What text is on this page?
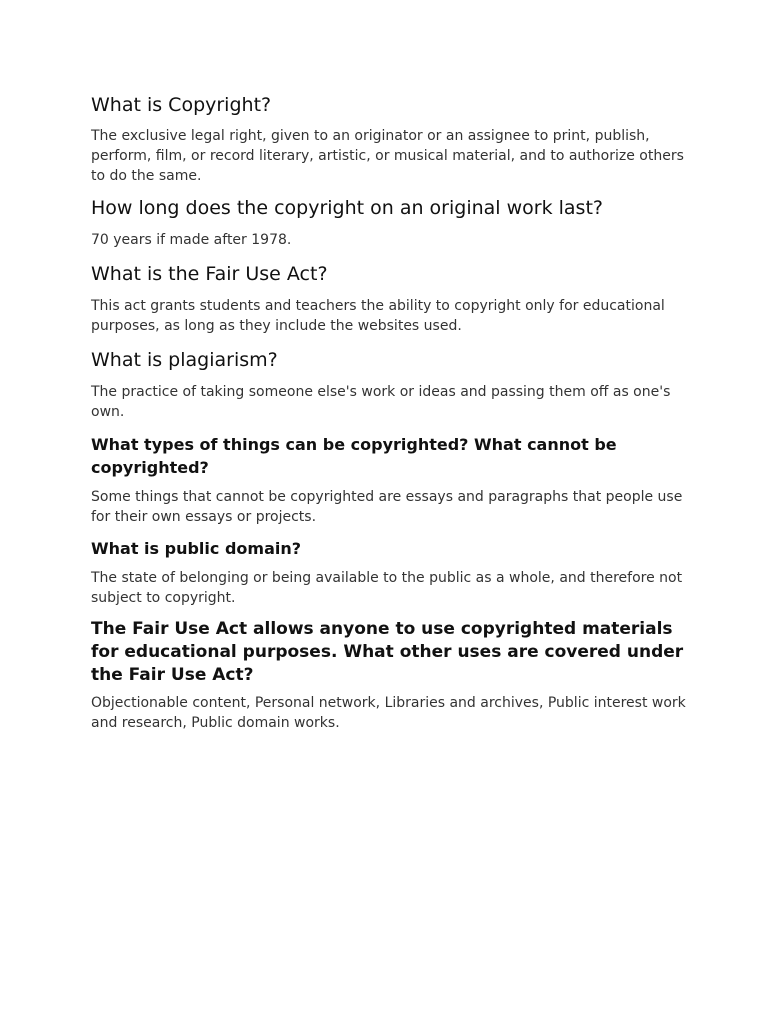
What is Copyright?

The exclusive legal right, given to an originator or an assignee to print, publish, perform, film, or record literary, artistic, or musical material, and to authorize others to do the same.

How long does the copyright on an original work last?

70 years if made after 1978.

What is the Fair Use Act?

This act grants students and teachers the ability to copyright only for educational purposes, as long as they include the websites used.

What is plagiarism?

The practice of taking someone else's work or ideas and passing them off as one's own.

What types of things can be copyrighted? What cannot be copyrighted?

Some things that cannot be copyrighted are essays and paragraphs that people use for their own essays or projects.

What is public domain?

The state of belonging or being available to the public as a whole, and therefore not subject to copyright.

The Fair Use Act allows anyone to use copyrighted materials for educational purposes. What other uses are covered under the Fair Use Act?

Objectionable content, Personal network, Libraries and archives, Public interest work and research, Public domain works.
